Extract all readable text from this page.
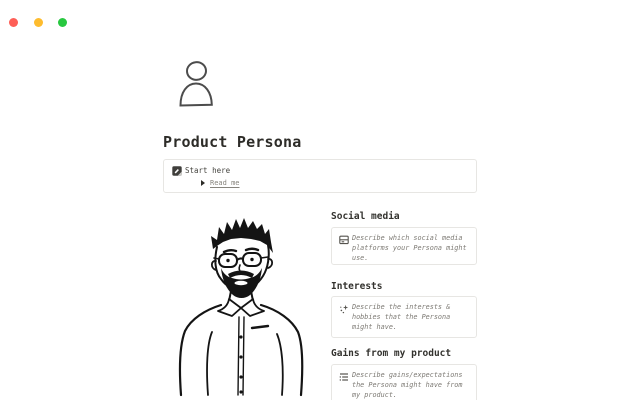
Product Persona
Start here
Read me
Social media
Describe which social media platforms your Persona might use.
Interests
Describe the interests & hobbies that the Persona might have.
Gains from my product
Describe gains/expectations the Persona might have from my product.
